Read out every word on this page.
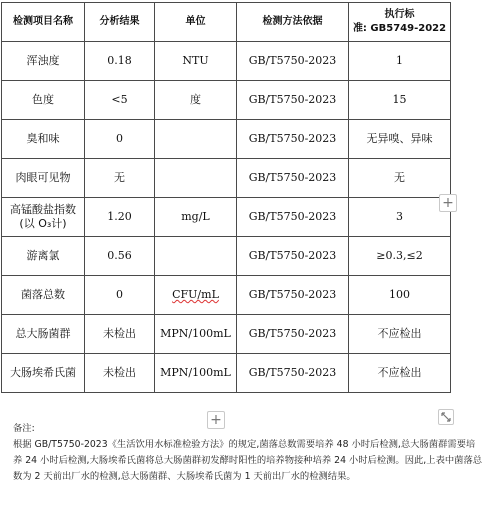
检测项目名称	分析结果	单位	检测方法依据	执行标
准: GB5749-2022

浑浊度	0.18	NTU	GB/T5750-2023	1
色度	<5	度	GB/T5750-2023	15
臭和味	0		GB/T5750-2023	无异嗅、异味
肉眼可见物	无		GB/T5750-2023	无

高锰酸盐指数
(以 O₃计)	1.20	mg/L	GB/T5750-2023	3
游离氯	0.56		GB/T5750-2023	≥0.3,≤2
菌落总数	0	CFU/mL	GB/T5750-2023	100
总大肠菌群	未检出	MPN/100mL	GB/T5750-2023	不应检出
大肠埃希氏菌	未检出	MPN/100mL	GB/T5750-2023	不应检出
+
+

备注:

根据 GB/T5750-2023《生活饮用水标准检验方法》的规定,菌落总数需要培养 48 小时后检测,总大肠菌群需要培养 24 小时后检测,大肠埃希氏菌将总大肠菌群初发酵时阳性的培养物接种培养 24 小时后检测。因此,上表中菌落总数为 2 天前出厂水的检测,总大肠菌群、大肠埃希氏菌为 1 天前出厂水的检测结果。
